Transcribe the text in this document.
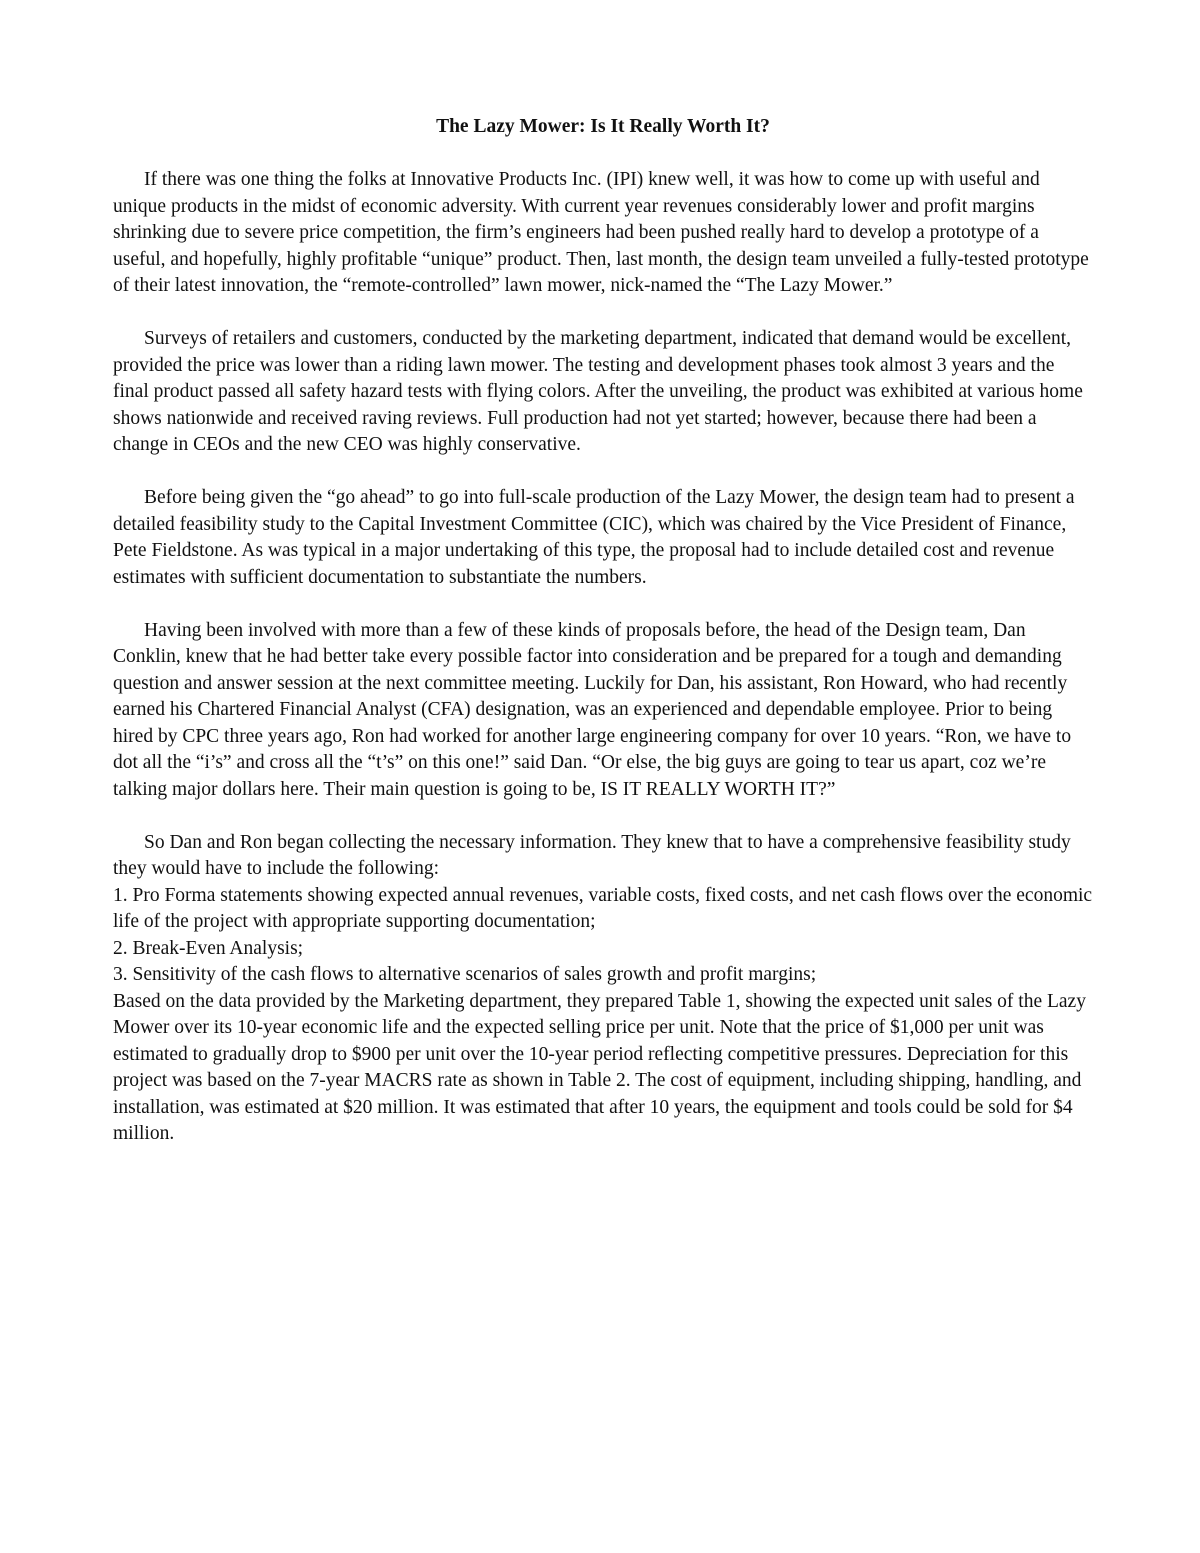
The Lazy Mower: Is It Really Worth It?

If there was one thing the folks at Innovative Products Inc. (IPI) knew well, it was how to come up with useful and unique products in the midst of economic adversity. With current year revenues considerably lower and profit margins shrinking due to severe price competition, the firm’s engineers had been pushed really hard to develop a prototype of a useful, and hopefully, highly profitable “unique” product. Then, last month, the design team unveiled a fully-tested prototype of their latest innovation, the “remote-controlled” lawn mower, nick-named the “The Lazy Mower.”

Surveys of retailers and customers, conducted by the marketing department, indicated that demand would be excellent, provided the price was lower than a riding lawn mower. The testing and development phases took almost 3 years and the final product passed all safety hazard tests with flying colors. After the unveiling, the product was exhibited at various home shows nationwide and received raving reviews. Full production had not yet started; however, because there had been a change in CEOs and the new CEO was highly conservative.

Before being given the “go ahead” to go into full-scale production of the Lazy Mower, the design team had to present a detailed feasibility study to the Capital Investment Committee (CIC), which was chaired by the Vice President of Finance, Pete Fieldstone. As was typical in a major undertaking of this type, the proposal had to include detailed cost and revenue estimates with sufficient documentation to substantiate the numbers.

Having been involved with more than a few of these kinds of proposals before, the head of the Design team, Dan Conklin, knew that he had better take every possible factor into consideration and be prepared for a tough and demanding question and answer session at the next committee meeting. Luckily for Dan, his assistant, Ron Howard, who had recently earned his Chartered Financial Analyst (CFA) designation, was an experienced and dependable employee. Prior to being hired by CPC three years ago, Ron had worked for another large engineering company for over 10 years. “Ron, we have to dot all the “i’s” and cross all the “t’s” on this one!” said Dan. “Or else, the big guys are going to tear us apart, coz we’re talking major dollars here. Their main question is going to be, IS IT REALLY WORTH IT?”

So Dan and Ron began collecting the necessary information. They knew that to have a comprehensive feasibility study they would have to include the following:

1. Pro Forma statements showing expected annual revenues, variable costs, fixed costs, and net cash flows over the economic life of the project with appropriate supporting documentation;

2. Break-Even Analysis;

3. Sensitivity of the cash flows to alternative scenarios of sales growth and profit margins;

Based on the data provided by the Marketing department, they prepared Table 1, showing the expected unit sales of the Lazy Mower over its 10-year economic life and the expected selling price per unit. Note that the price of $1,000 per unit was estimated to gradually drop to $900 per unit over the 10-year period reflecting competitive pressures. Depreciation for this project was based on the 7-year MACRS rate as shown in Table 2. The cost of equipment, including shipping, handling, and installation, was estimated at $20 million. It was estimated that after 10 years, the equipment and tools could be sold for $4 million.
